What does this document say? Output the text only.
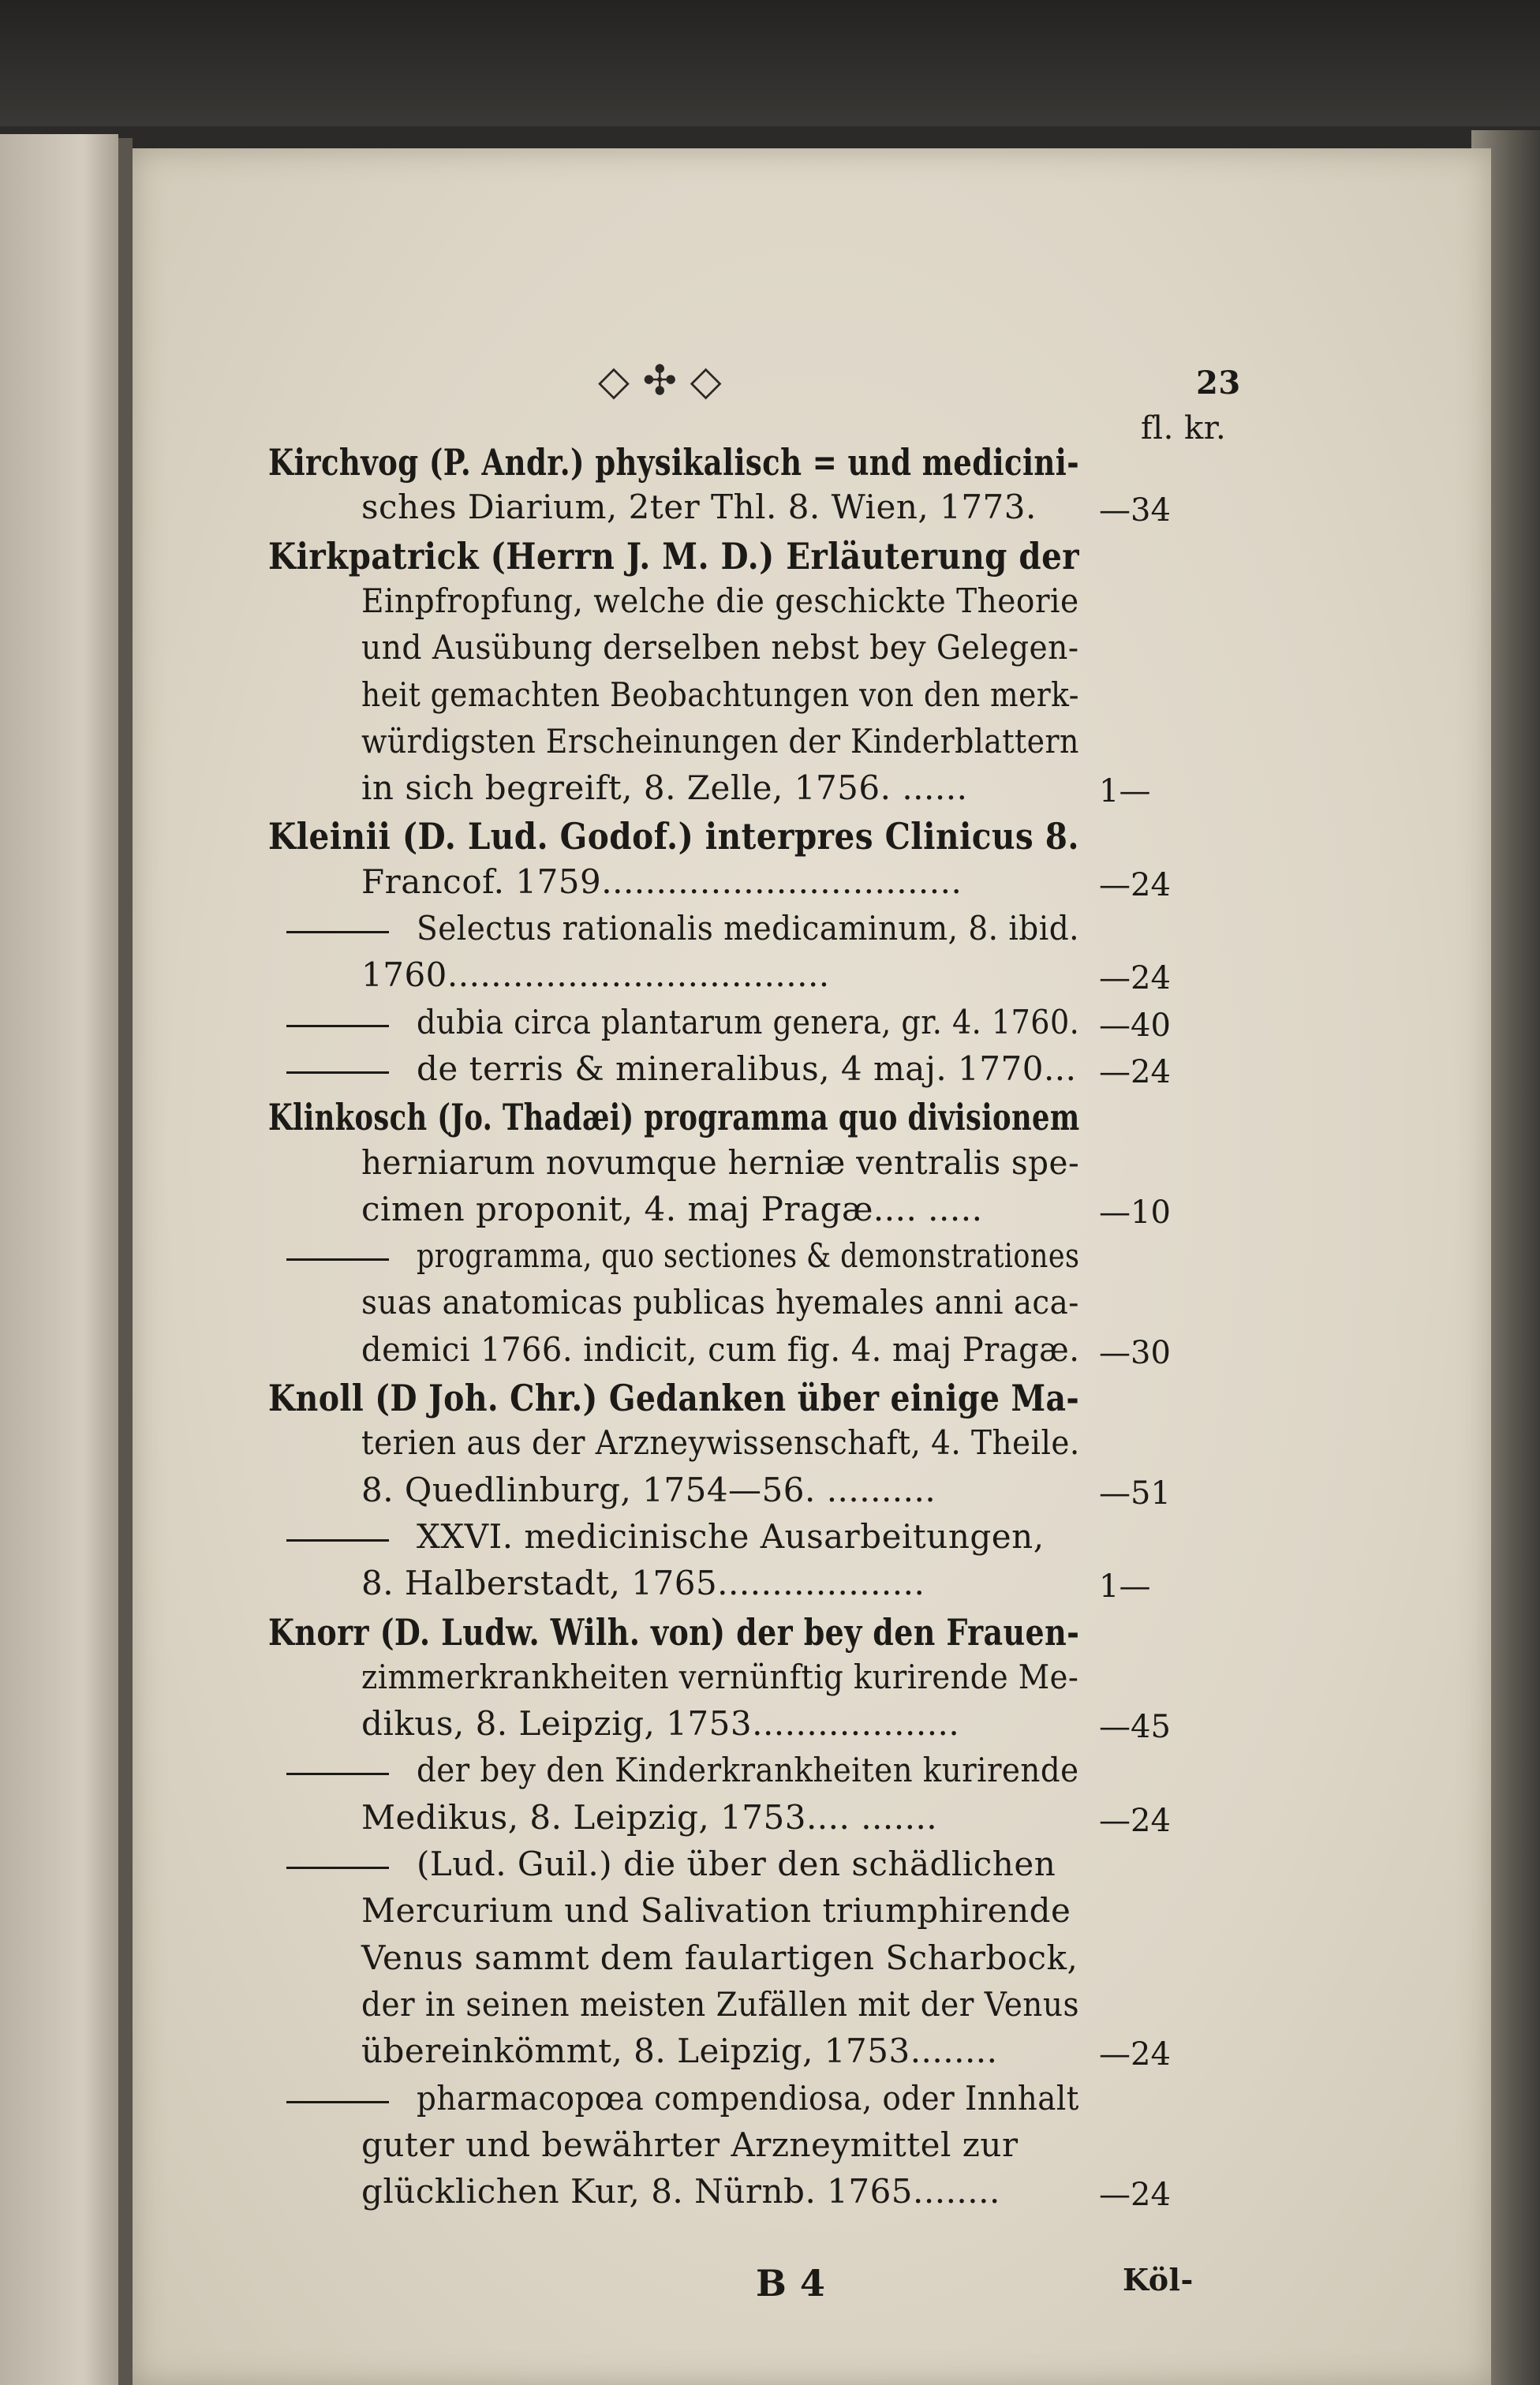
◇ ✣ ◇	23
fl. kr.
Kirchvog (P. Andr.) physikalisch = und medicini-
sches Diarium, 2ter Thl. 8. Wien, 1773. —34
Kirkpatrick (Herrn J. M. D.) Erläuterung der
Einpfropfung, welche die geschickte Theorie
und Ausübung derselben nebst bey Gelegen-
heit gemachten Beobachtungen von den merk-
würdigsten Erscheinungen der Kinderblattern
in sich begreift, 8. Zelle, 1756. ......	1—
Kleinii (D. Lud. Godof.) interpres Clinicus 8.
Francof. 1759.................................	—24
Selectus rationalis medicaminum, 8. ibid.
1760...................................	—24
dubia circa plantarum genera, gr. 4. 1760. —40
de terris & mineralibus, 4 maj. 1770... —24
Klinkosch (Jo. Thadæi) programma quo divisionem
herniarum novumque herniæ ventralis spe-
cimen proponit, 4. maj Pragæ.... .....	—10
programma, quo sectiones & demonstrationes
suas anatomicas publicas hyemales anni aca-
demici 1766. indicit, cum fig. 4. maj Pragæ. —30
Knoll (D Joh. Chr.) Gedanken über einige Ma-
terien aus der Arzneywissenschaft, 4. Theile.
8. Quedlinburg, 1754—56. ..........	—51
XXVI. medicinische Ausarbeitungen,
8. Halberstadt, 1765...................	1—
Knorr (D. Ludw. Wilh. von) der bey den Frauen-
zimmerkrankheiten vernünftig kurirende Me-
dikus, 8. Leipzig, 1753...................	—45
der bey den Kinderkrankheiten kurirende
Medikus, 8. Leipzig, 1753.... .......	—24
(Lud. Guil.) die über den schädlichen
Mercurium und Salivation triumphirende
Venus sammt dem faulartigen Scharbock,
der in seinen meisten Zufällen mit der Venus
übereinkömmt, 8. Leipzig, 1753........	—24
pharmacopœa compendiosa, oder Innhalt
guter und bewährter Arzneymittel zur
glücklichen Kur, 8. Nürnb. 1765........	—24
B 4	Köl-
